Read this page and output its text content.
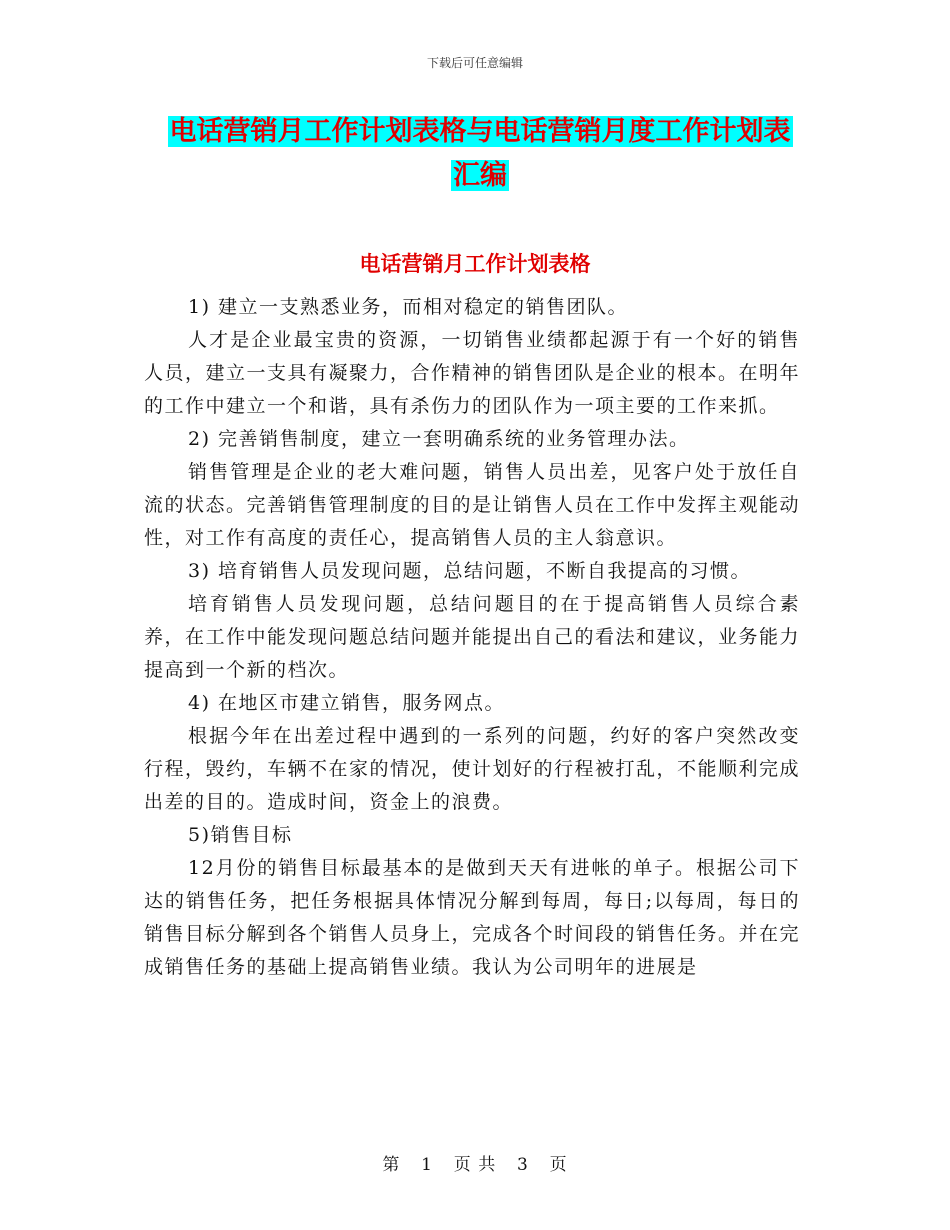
下载后可任意编辑
电话营销月工作计划表格与电话营销月度工作计划表
汇编
电话营销月工作计划表格

1) 建立一支熟悉业务，而相对稳定的销售团队。

人才是企业最宝贵的资源，一切销售业绩都起源于有一个好的销售人员，建立一支具有凝聚力，合作精神的销售团队是企业的根本。在明年的工作中建立一个和谐，具有杀伤力的团队作为一项主要的工作来抓。

2) 完善销售制度，建立一套明确系统的业务管理办法。

销售管理是企业的老大难问题，销售人员出差，见客户处于放任自流的状态。完善销售管理制度的目的是让销售人员在工作中发挥主观能动性，对工作有高度的责任心，提高销售人员的主人翁意识。

3) 培育销售人员发现问题，总结问题，不断自我提高的习惯。

培育销售人员发现问题，总结问题目的在于提高销售人员综合素养，在工作中能发现问题总结问题并能提出自己的看法和建议，业务能力提高到一个新的档次。

4) 在地区市建立销售，服务网点。

根据今年在出差过程中遇到的一系列的问题，约好的客户突然改变行程，毁约，车辆不在家的情况，使计划好的行程被打乱，不能顺利完成出差的目的。造成时间，资金上的浪费。

5)销售目标

12月份的销售目标最基本的是做到天天有进帐的单子。根据公司下达的销售任务，把任务根据具体情况分解到每周，每日;以每周，每日的销售目标分解到各个销售人员身上，完成各个时间段的销售任务。并在完成销售任务的基础上提高销售业绩。我认为公司明年的进展是

第 1 页 共 3 页
